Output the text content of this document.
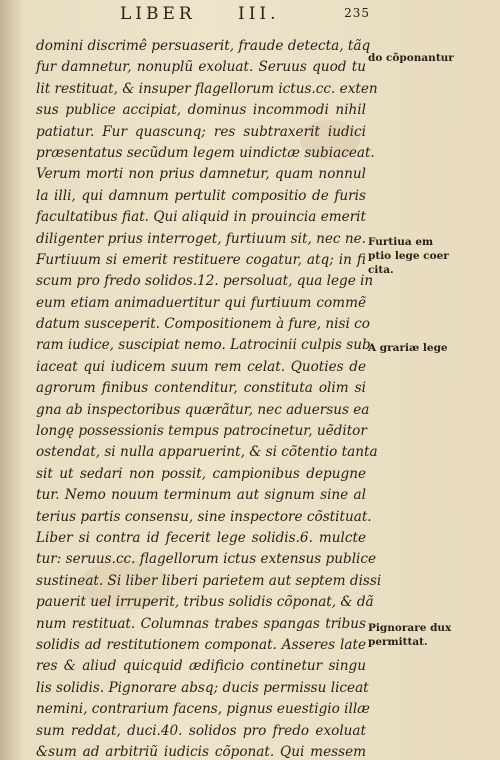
LIBER III.	235
domini discrimê persuaserit, fraude detecta, tãq
fur damnetur, nonuplũ exoluat. Seruus quod tu
lit restituat, & insuper flagellorum ictus.cc. exten
sus publice accipiat, dominus incommodi nihil
patiatur. Fur quascunq; res subtraxerit iudici
præsentatus secũdum legem uindictæ subiaceat.
Verum morti non prius damnetur, quam nonnul
la illi, qui damnum pertulit compositio de furis
facultatibus fiat. Qui aliquid in prouincia emerit
diligenter prius interroget, furtiuum sit, nec ne.
Furtiuum si emerit restituere cogatur, atq; in fi
scum pro fredo solidos.12. persoluat, qua lege in
eum etiam animaduertitur qui furtiuum commẽ
datum susceperit. Compositionem à fure, nisi co
ram iudice, suscipiat nemo. Latrocinii culpis sub
iaceat qui iudicem suum rem celat. Quoties de
agrorum finibus contenditur, constituta olim si
gna ab inspectoribus quærãtur, nec aduersus ea
longę possessionis tempus patrocinetur, uẽditor
ostendat, si nulla apparuerint, & si cõtentio tanta
sit ut sedari non possit, campionibus depugne
tur. Nemo nouum terminum aut signum sine al
terius partis consensu, sine inspectore cõstituat.
Liber si contra id fecerit lege solidis.6. mulcte
tur: seruus.cc. flagellorum ictus extensus publice
sustineat. Si liber liberi parietem aut septem dissi
pauerit uel irruperit, tribus solidis cõponat, & dã
num restituat. Columnas trabes spangas tribus
solidis ad restitutionem componat. Asseres late
res & aliud quicquid ædificio continetur singu
lis solidis. Pignorare absq; ducis permissu liceat
nemini, contrarium facens, pignus euestigio illæ
sum reddat, duci.40. solidos pro fredo exoluat
&sum ad arbitriũ iudicis cõponat. Qui messem
do cõponantur
Furtiua em
ptio lege coer
cita.
A grariæ lege
Pignorare dux
permittat.
